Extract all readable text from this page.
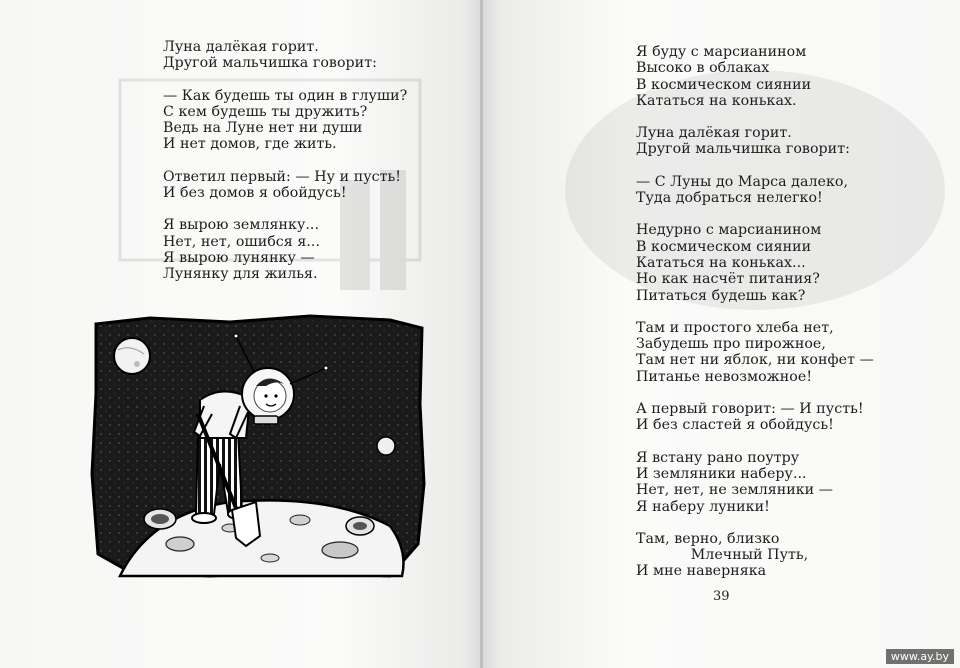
Луна далёкая горит.
Другой мальчишка говорит:
— Как будешь ты один в глуши?
С кем будешь ты дружить?
Ведь на Луне нет ни души
И нет домов, где жить.
Ответил первый: — Ну и пусть!
И без домов я обойдусь!
Я вырою землянку...
Нет, нет, ошибся я...
Я вырою лунянку —
Лунянку для жилья.
Я буду с марсианином
Высоко в облаках
В космическом сиянии
Кататься на коньках.
Луна далёкая горит.
Другой мальчишка говорит:
— С Луны до Марса далеко,
Туда добраться нелегко!
Недурно с марсианином
В космическом сиянии
Кататься на коньках...
Но как насчёт питания?
Питаться будешь как?
Там и простого хлеба нет,
Забудешь про пирожное,
Там нет ни яблок, ни конфет —
Питанье невозможное!
А первый говорит: — И пусть!
И без сластей я обойдусь!
Я встану рано поутру
И земляники наберу...
Нет, нет, не земляники —
Я наберу луники!
Там, верно, близко
Млечный Путь,
И мне наверняка
39
www.ay.by
